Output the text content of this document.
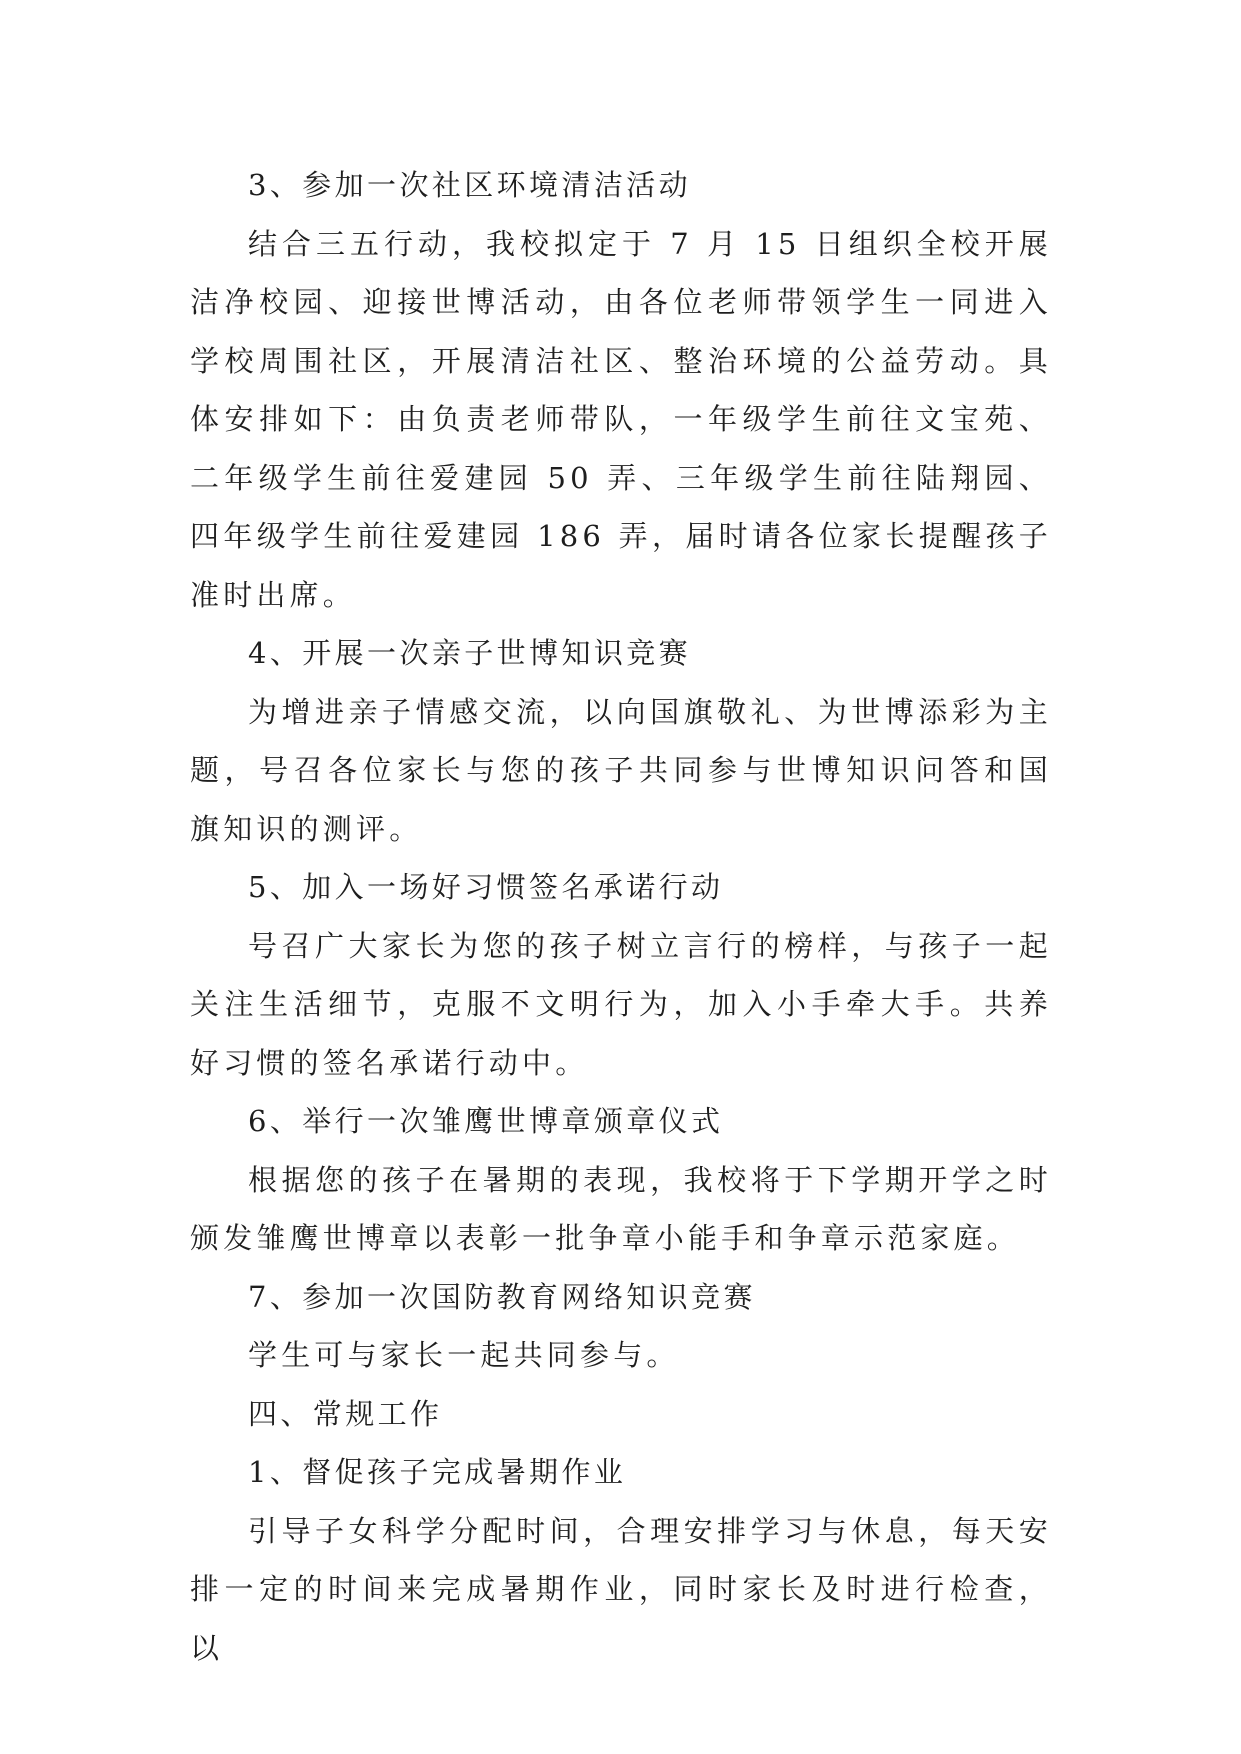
3、参加一次社区环境清洁活动

结合三五行动，我校拟定于 7 月 15 日组织全校开展洁净校园、迎接世博活动，由各位老师带领学生一同进入学校周围社区，开展清洁社区、整治环境的公益劳动。具体安排如下：由负责老师带队，一年级学生前往文宝苑、二年级学生前往爱建园 50 弄、三年级学生前往陆翔园、四年级学生前往爱建园 186 弄，届时请各位家长提醒孩子准时出席。

4、开展一次亲子世博知识竞赛

为增进亲子情感交流，以向国旗敬礼、为世博添彩为主题，号召各位家长与您的孩子共同参与世博知识问答和国旗知识的测评。

5、加入一场好习惯签名承诺行动

号召广大家长为您的孩子树立言行的榜样，与孩子一起关注生活细节，克服不文明行为，加入小手牵大手。共养好习惯的签名承诺行动中。

6、举行一次雏鹰世博章颁章仪式

根据您的孩子在暑期的表现，我校将于下学期开学之时颁发雏鹰世博章以表彰一批争章小能手和争章示范家庭。

7、参加一次国防教育网络知识竞赛

学生可与家长一起共同参与。

四、常规工作

1、督促孩子完成暑期作业

引导子女科学分配时间，合理安排学习与休息，每天安排一定的时间来完成暑期作业，同时家长及时进行检查，以
